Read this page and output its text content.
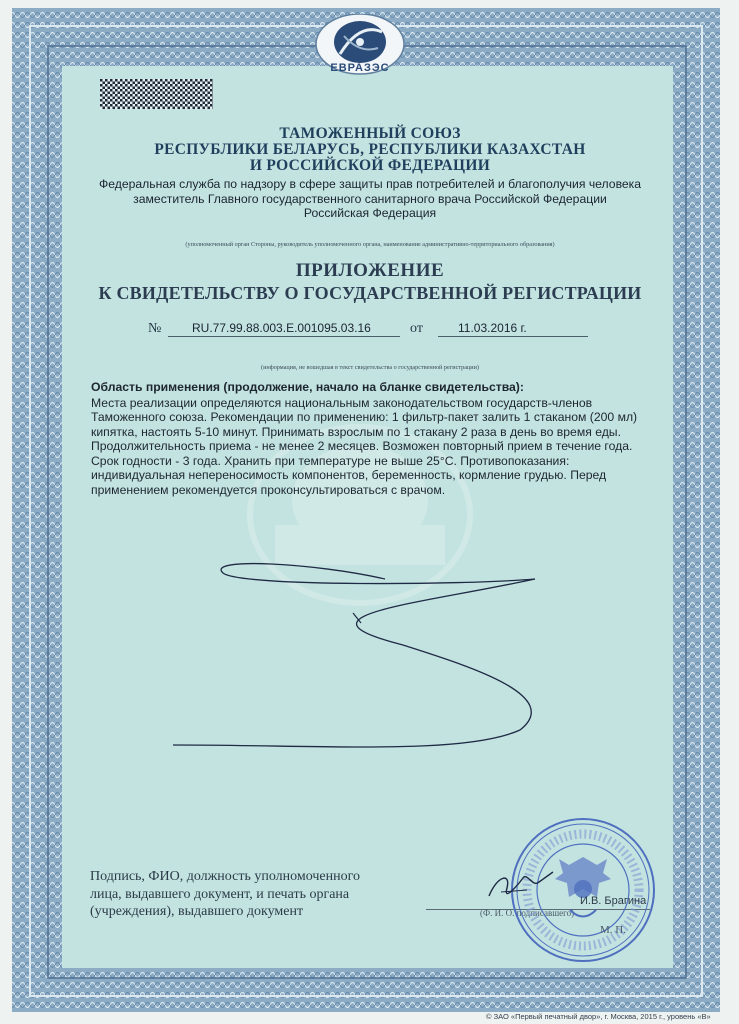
ЕВРАЗЭС
ТАМОЖЕННЫЙ СОЮЗ
РЕСПУБЛИКИ БЕЛАРУСЬ, РЕСПУБЛИКИ КАЗАХСТАН
И РОССИЙСКОЙ ФЕДЕРАЦИИ
Федеральная служба по надзору в сфере защиты прав потребителей и благополучия человека
заместитель Главного государственного санитарного врача Российской Федерации
Российская Федерация
(уполномоченный орган Стороны, руководитель уполномоченного органа, наименование административно-территориального образования)
ПРИЛОЖЕНИЕ
К СВИДЕТЕЛЬСТВУ О ГОСУДАРСТВЕННОЙ РЕГИСТРАЦИИ
№	RU.77.99.88.003.E.001095.03.16	от	11.03.2016 г.
(информация, не вошедшая в текст свидетельства о государственной регистрации)

Область применения (продолжение, начало на бланке свидетельства):

Места реализации определяются национальным законодательством государств-членов

Таможенного союза. Рекомендации по применению: 1 фильтр-пакет залить 1 стаканом (200 мл)

кипятка, настоять 5-10 минут. Принимать взрослым по 1 стакану 2 раза в день во время еды.

Продолжительность приема - не менее 2 месяцев. Возможен повторный прием в течение года.

Срок годности - 3 года. Хранить при температуре не выше 25°С. Противопоказания:

индивидуальная непереносимость компонентов, беременность, кормление грудью. Перед

применением рекомендуется проконсультироваться с врачом.

Подпись, ФИО, должность уполномоченного
лица, выдавшего документ, и печать органа
(учреждения), выдавшего документ	(Ф. И. О. подписавшего)
И.В. Брагина
М. П.
© ЗАО «Первый печатный двор», г. Москва, 2015 г., уровень «В»
